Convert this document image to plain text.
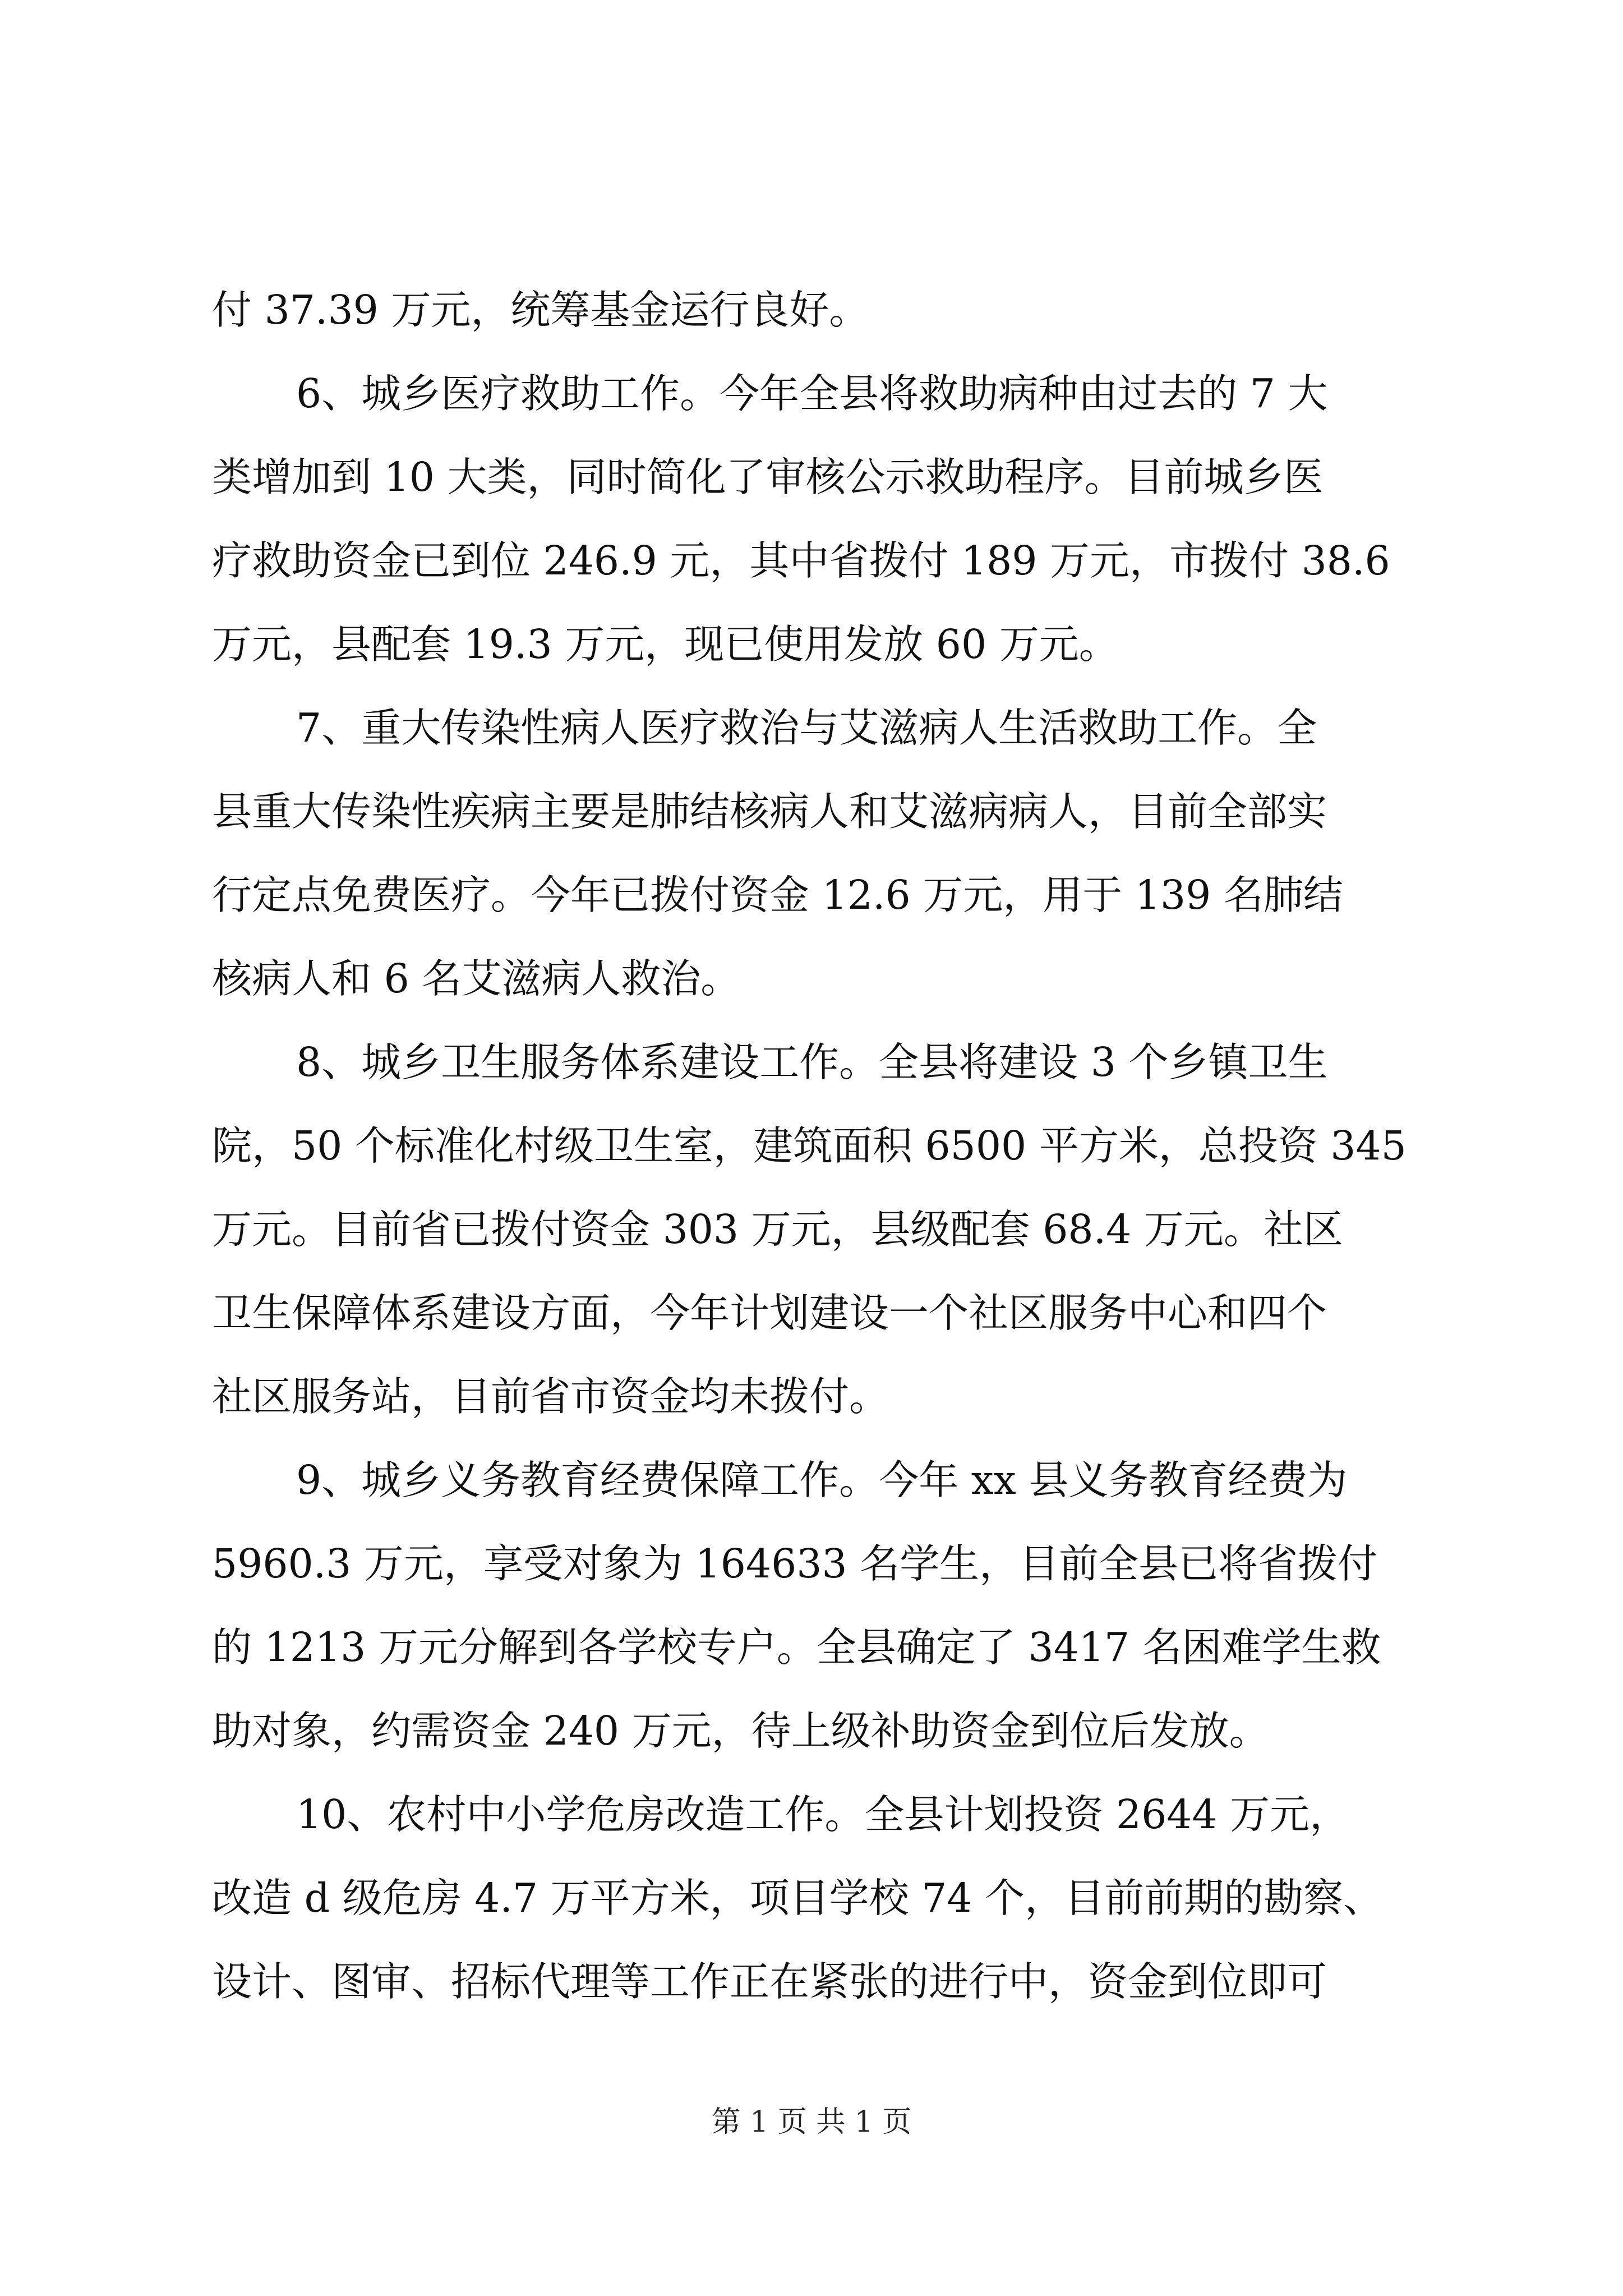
付 37.39 万元，统筹基金运行良好。
6、城乡医疗救助工作。今年全县将救助病种由过去的 7 大
类增加到 10 大类，同时简化了审核公示救助程序。目前城乡医
疗救助资金已到位 246.9 元，其中省拨付 189 万元，市拨付 38.6
万元，县配套 19.3 万元，现已使用发放 60 万元。
7、重大传染性病人医疗救治与艾滋病人生活救助工作。全
县重大传染性疾病主要是肺结核病人和艾滋病病人，目前全部实
行定点免费医疗。今年已拨付资金 12.6 万元，用于 139 名肺结
核病人和 6 名艾滋病人救治。
8、城乡卫生服务体系建设工作。全县将建设 3 个乡镇卫生
院，50 个标准化村级卫生室，建筑面积 6500 平方米，总投资 345
万元。目前省已拨付资金 303 万元，县级配套 68.4 万元。社区
卫生保障体系建设方面，今年计划建设一个社区服务中心和四个
社区服务站，目前省市资金均未拨付。
9、城乡义务教育经费保障工作。今年 xx 县义务教育经费为
5960.3 万元，享受对象为 164633 名学生，目前全县已将省拨付
的 1213 万元分解到各学校专户。全县确定了 3417 名困难学生救
助对象，约需资金 240 万元，待上级补助资金到位后发放。
10、农村中小学危房改造工作。全县计划投资 2644 万元，
改造 d 级危房 4.7 万平方米，项目学校 74 个，目前前期的勘察、
设计、图审、招标代理等工作正在紧张的进行中，资金到位即可
第 1 页 共 1 页
